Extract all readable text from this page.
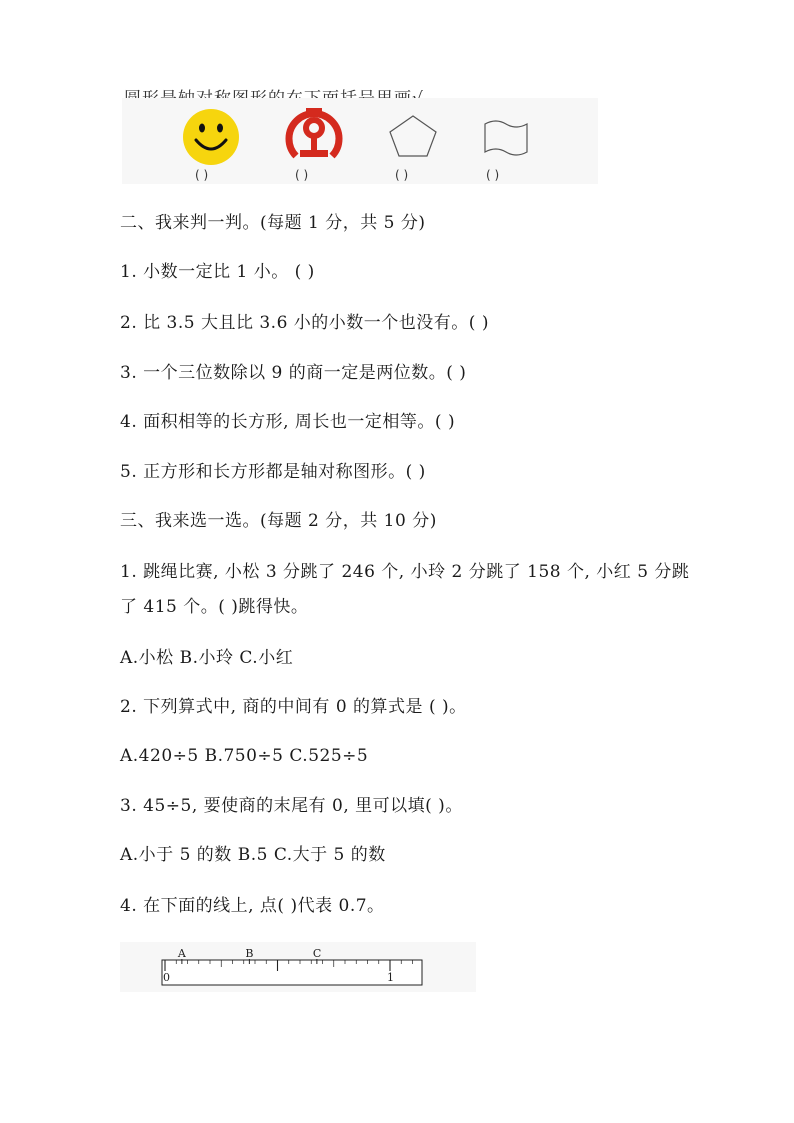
( )	( )	( )	( )
二、我来判一判。(每题 1 分，共 5 分)
1. 小数一定比 1 小。 ( )
2. 比 3.5 大且比 3.6 小的小数一个也没有。( )
3. 一个三位数除以 9 的商一定是两位数。( )
4. 面积相等的长方形, 周长也一定相等。( )
5. 正方形和长方形都是轴对称图形。( )
三、我来选一选。(每题 2 分，共 10 分)
1. 跳绳比赛, 小松 3 分跳了 246 个, 小玲 2 分跳了 158 个, 小红 5 分跳
了 415 个。( )跳得快。
A.小松 B.小玲 C.小红
2. 下列算式中, 商的中间有 0 的算式是 ( )。
A.420÷5 B.750÷5 C.525÷5
3. 45÷5, 要使商的末尾有 0, 里可以填( )。
A.小于 5 的数 B.5 C.大于 5 的数
4. 在下面的线上, 点( )代表 0.7。
0	1
A	B	C
